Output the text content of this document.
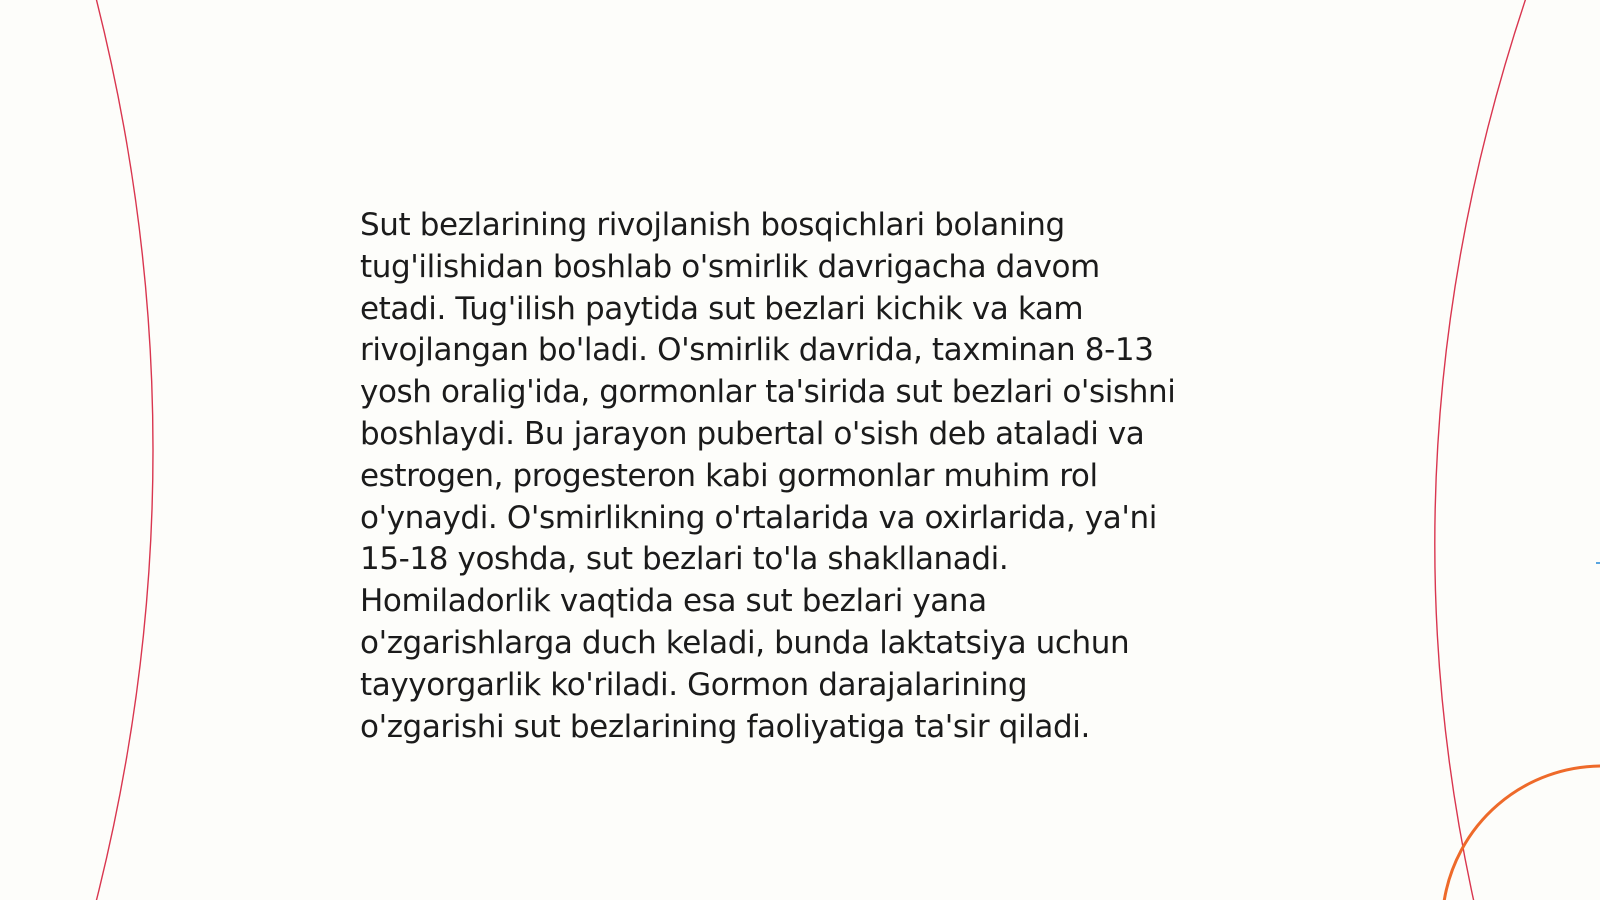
Sut bezlarining rivojlanish bosqichlari bolaning
tug'ilishidan boshlab o'smirlik davrigacha davom
etadi. Tug'ilish paytida sut bezlari kichik va kam
rivojlangan bo'ladi. O'smirlik davrida, taxminan 8-13
yosh oralig'ida, gormonlar ta'sirida sut bezlari o'sishni
boshlaydi. Bu jarayon pubertal o'sish deb ataladi va
estrogen, progesteron kabi gormonlar muhim rol
o'ynaydi. O'smirlikning o'rtalarida va oxirlarida, ya'ni
15-18 yoshda, sut bezlari to'la shakllanadi.
Homiladorlik vaqtida esa sut bezlari yana
o'zgarishlarga duch keladi, bunda laktatsiya uchun
tayyorgarlik ko'riladi. Gormon darajalarining
o'zgarishi sut bezlarining faoliyatiga ta'sir qiladi.
